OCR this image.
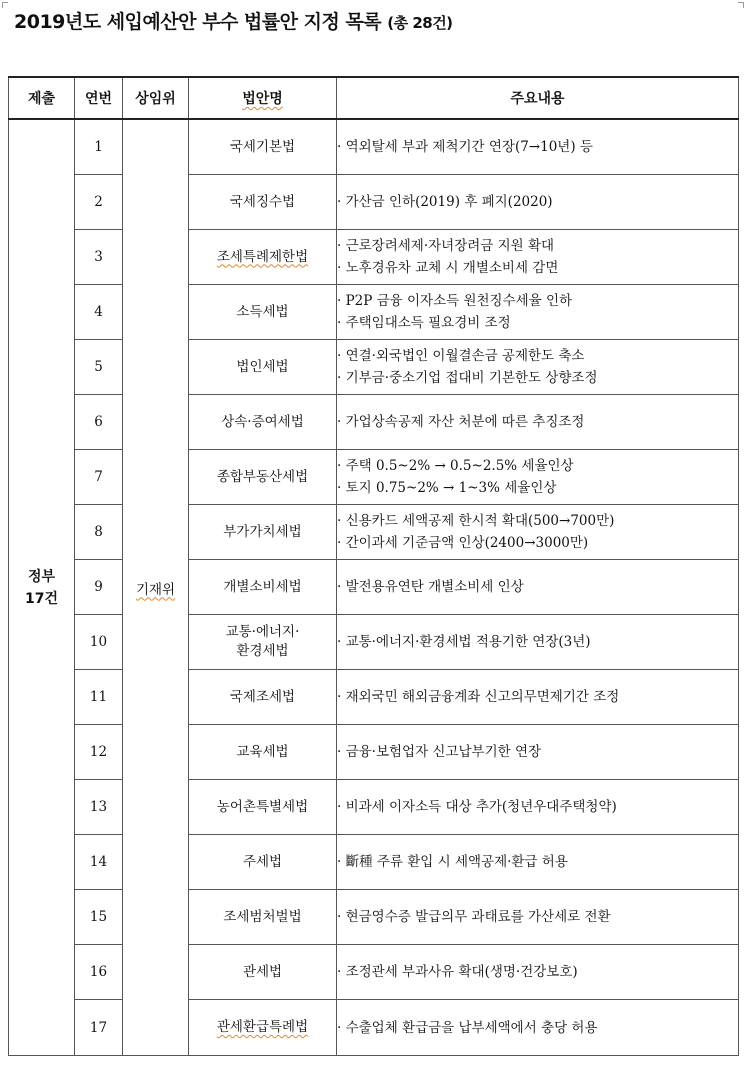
2019년도 세입예산안 부수 법률안 지정 목록 (총 28건)
제출	연번	상임위	법안명	주요내용

정부
17건	1	기재위	국세기본법	· 역외탈세 부과 제척기간 연장(7→10년) 등

	2		국세징수법	· 가산금 인하(2019) 후 폐지(2020)

	3		조세특례제한법	· 근로장려세제·자녀장려금 지원 확대
· 노후경유차 교체 시 개별소비세 감면

	4		소득세법	· P2P 금융 이자소득 원천징수세율 인하
· 주택임대소득 필요경비 조정

	5		법인세법	· 연결·외국법인 이월결손금 공제한도 축소
· 기부금·중소기업 접대비 기본한도 상향조정

	6		상속·증여세법	· 가업상속공제 자산 처분에 따른 추징조정

	7		종합부동산세법	· 주택 0.5~2% → 0.5~2.5% 세율인상
· 토지 0.75~2% → 1~3% 세율인상

	8		부가가치세법	· 신용카드 세액공제 한시적 확대(500→700만)
· 간이과세 기준금액 인상(2400→3000만)

	9		개별소비세법	· 발전용유연탄 개별소비세 인상

	10		교통·에너지·
환경세법	· 교통·에너지·환경세법 적용기한 연장(3년)

	11		국제조세법	· 재외국민 해외금융계좌 신고의무면제기간 조정

	12		교육세법	· 금융·보험업자 신고납부기한 연장

	13		농어촌특별세법	· 비과세 이자소득 대상 추가(청년우대주택청약)

	14		주세법	· 斷種 주류 환입 시 세액공제·환급 허용

	15		조세범처벌법	· 현금영수증 발급의무 과태료를 가산세로 전환

	16		관세법	· 조정관세 부과사유 확대(생명·건강보호)

	17		관세환급특례법	· 수출업체 환급금을 납부세액에서 충당 허용
